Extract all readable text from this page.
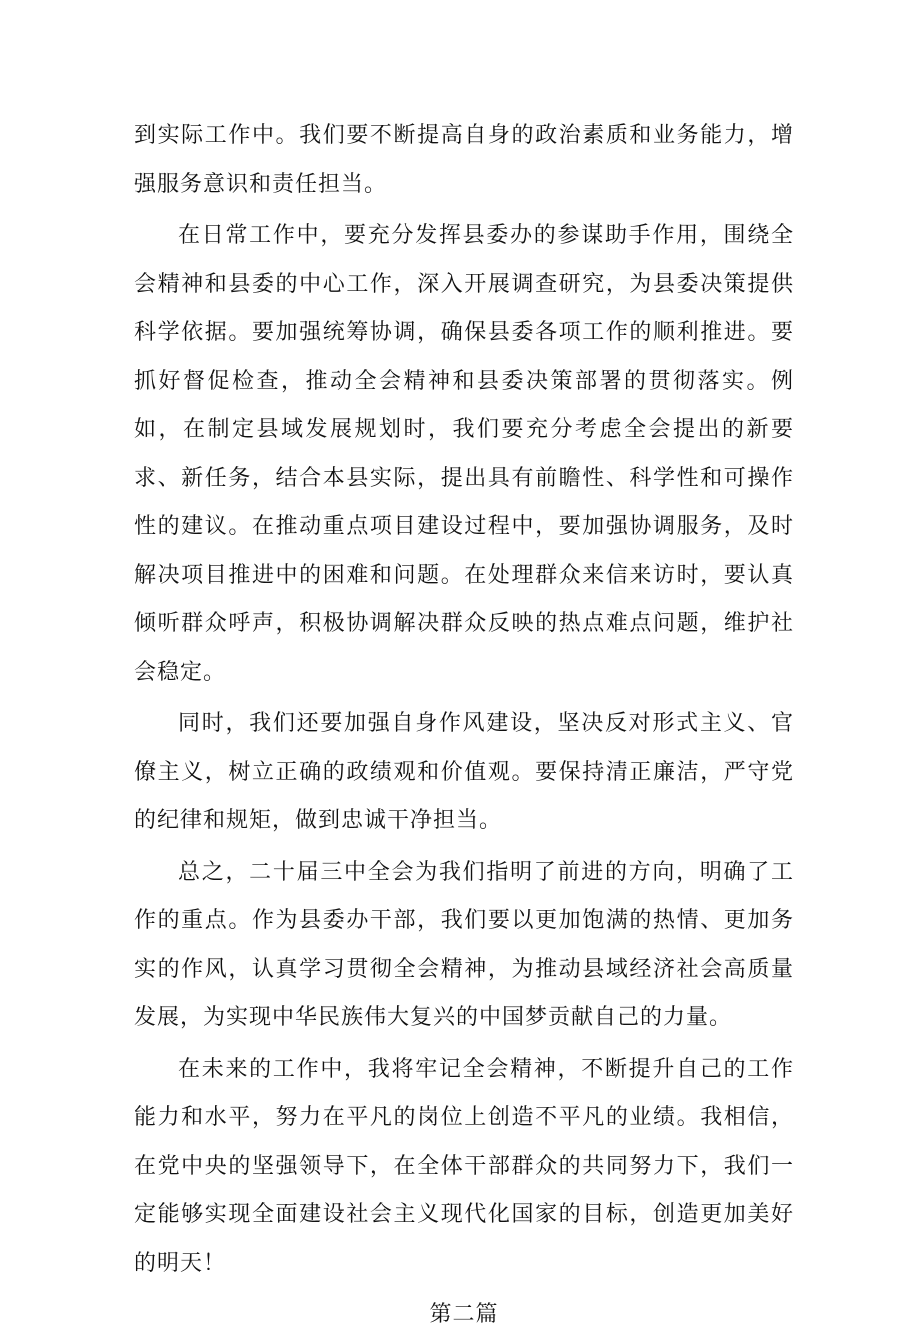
到实际工作中。我们要不断提高自身的政治素质和业务能力，增强服务意识和责任担当。

在日常工作中，要充分发挥县委办的参谋助手作用，围绕全会精神和县委的中心工作，深入开展调查研究，为县委决策提供科学依据。要加强统筹协调，确保县委各项工作的顺利推进。要抓好督促检查，推动全会精神和县委决策部署的贯彻落实。例如，在制定县域发展规划时，我们要充分考虑全会提出的新要求、新任务，结合本县实际，提出具有前瞻性、科学性和可操作性的建议。在推动重点项目建设过程中，要加强协调服务，及时解决项目推进中的困难和问题。在处理群众来信来访时，要认真倾听群众呼声，积极协调解决群众反映的热点难点问题，维护社会稳定。

同时，我们还要加强自身作风建设，坚决反对形式主义、官僚主义，树立正确的政绩观和价值观。要保持清正廉洁，严守党的纪律和规矩，做到忠诚干净担当。

总之，二十届三中全会为我们指明了前进的方向，明确了工作的重点。作为县委办干部，我们要以更加饱满的热情、更加务实的作风，认真学习贯彻全会精神，为推动县域经济社会高质量发展，为实现中华民族伟大复兴的中国梦贡献自己的力量。

在未来的工作中，我将牢记全会精神，不断提升自己的工作能力和水平，努力在平凡的岗位上创造不平凡的业绩。我相信，在党中央的坚强领导下，在全体干部群众的共同努力下，我们一定能够实现全面建设社会主义现代化国家的目标，创造更加美好的明天！

第二篇
